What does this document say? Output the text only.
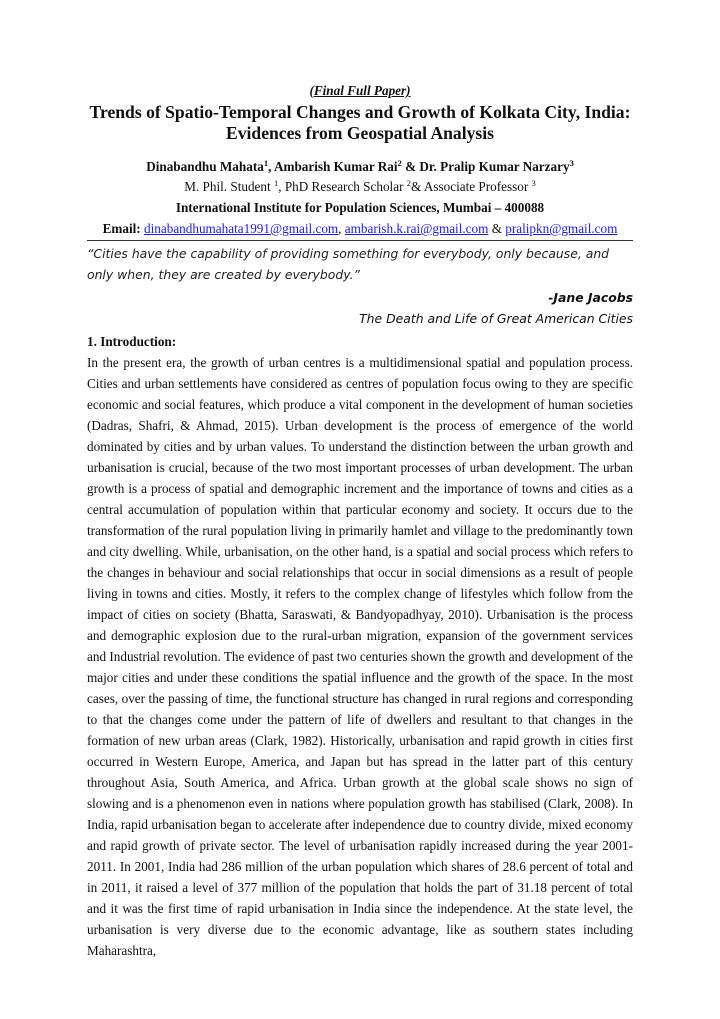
(Final Full Paper)
Trends of Spatio-Temporal Changes and Growth of Kolkata City, India:
Evidences from Geospatial Analysis
Dinabandhu Mahata$^1$, Ambarish Kumar Rai$^2$ & Dr. Pralip Kumar Narzary$^3$
M. Phil. Student $^1$, PhD Research Scholar $^2$& Associate Professor $^3$
International Institute for Population Sciences, Mumbai – 400088
Email: dinabandhumahata1991@gmail.com, ambarish.k.rai@gmail.com & pralipkn@gmail.com
“Cities have the capability of providing something for everybody, only because, and only when, they are created by everybody.”
-Jane Jacobs
The Death and Life of Great American Cities
1. Introduction:
In the present era, the growth of urban centres is a multidimensional spatial and population process. Cities and urban settlements have considered as centres of population focus owing to they are specific economic and social features, which produce a vital component in the development of human societies (Dadras, Shafri, & Ahmad, 2015). Urban development is the process of emergence of the world dominated by cities and by urban values. To understand the distinction between the urban growth and urbanisation is crucial, because of the two most important processes of urban development. The urban growth is a process of spatial and demographic increment and the importance of towns and cities as a central accumulation of population within that particular economy and society. It occurs due to the transformation of the rural population living in primarily hamlet and village to the predominantly town and city dwelling. While, urbanisation, on the other hand, is a spatial and social process which refers to the changes in behaviour and social relationships that occur in social dimensions as a result of people living in towns and cities. Mostly, it refers to the complex change of lifestyles which follow from the impact of cities on society (Bhatta, Saraswati, & Bandyopadhyay, 2010). Urbanisation is the process and demographic explosion due to the rural-urban migration, expansion of the government services and Industrial revolution. The evidence of past two centuries shown the growth and development of the major cities and under these conditions the spatial influence and the growth of the space. In the most cases, over the passing of time, the functional structure has changed in rural regions and corresponding to that the changes come under the pattern of life of dwellers and resultant to that changes in the formation of new urban areas (Clark, 1982). Historically, urbanisation and rapid growth in cities first occurred in Western Europe, America, and Japan but has spread in the latter part of this century throughout Asia, South America, and Africa. Urban growth at the global scale shows no sign of slowing and is a phenomenon even in nations where population growth has stabilised (Clark, 2008). In India, rapid urbanisation began to accelerate after independence due to country divide, mixed economy and rapid growth of private sector. The level of urbanisation rapidly increased during the year 2001-2011. In 2001, India had 286 million of the urban population which shares of 28.6 percent of total and in 2011, it raised a level of 377 million of the population that holds the part of 31.18 percent of total and it was the first time of rapid urbanisation in India since the independence. At the state level, the urbanisation is very diverse due to the economic advantage, like as southern states including Maharashtra,
